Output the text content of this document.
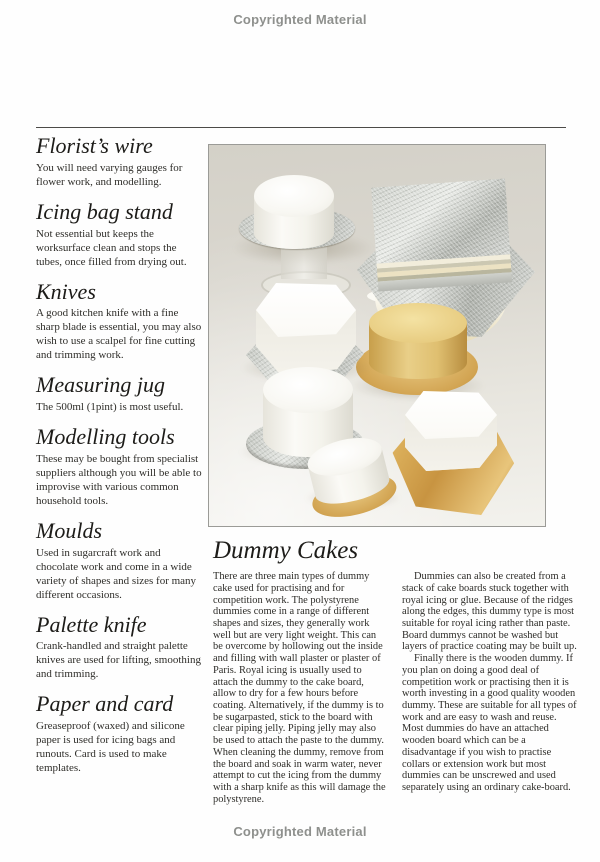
Copyrighted Material
Florist’s wire

You will need varying gauges for flower work, and modelling.

Icing bag stand

Not essential but keeps the worksurface clean and stops the tubes, once filled from drying out.

Knives

A good kitchen knife with a fine sharp blade is essential, you may also wish to use a scalpel for fine cutting and trimming work.

Measuring jug

The 500ml (1pint) is most useful.

Modelling tools

These may be bought from specialist suppliers although you will be able to improvise with various common household tools.

Moulds

Used in sugarcraft work and chocolate work and come in a wide variety of shapes and sizes for many different occasions.

Palette knife

Crank-handled and straight palette knives are used for lifting, smoothing and trimming.

Paper and card

Greaseproof (waxed) and silicone paper is used for icing bags and runouts. Card is used to make templates.

Dummy Cakes

There are three main types of dummy cake used for practising and for competition work. The polystyrene dummies come in a range of different shapes and sizes, they generally work well but are very light weight. This can be overcome by hollowing out the inside and filling with wall plaster or plaster of Paris. Royal icing is usually used to attach the dummy to the cake board, allow to dry for a few hours before coating. Alternatively, if the dummy is to be sugarpasted, stick to the board with clear piping jelly. Piping jelly may also be used to attach the paste to the dummy. When cleaning the dummy, remove from the board and soak in warm water, never attempt to cut the icing from the dummy with a sharp knife as this will damage the polystyrene.

Dummies can also be created from a stack of cake boards stuck together with royal icing or glue. Because of the ridges along the edges, this dummy type is most suitable for royal icing rather than paste. Board dummys cannot be washed but layers of practice coating may be built up.

Finally there is the wooden dummy. If you plan on doing a good deal of competition work or practising then it is worth investing in a good quality wooden dummy. These are suitable for all types of work and are easy to wash and reuse. Most dummies do have an attached wooden board which can be a disadvantage if you wish to practise collars or extension work but most dummies can be unscrewed and used separately using an ordinary cake-board.

Copyrighted Material
